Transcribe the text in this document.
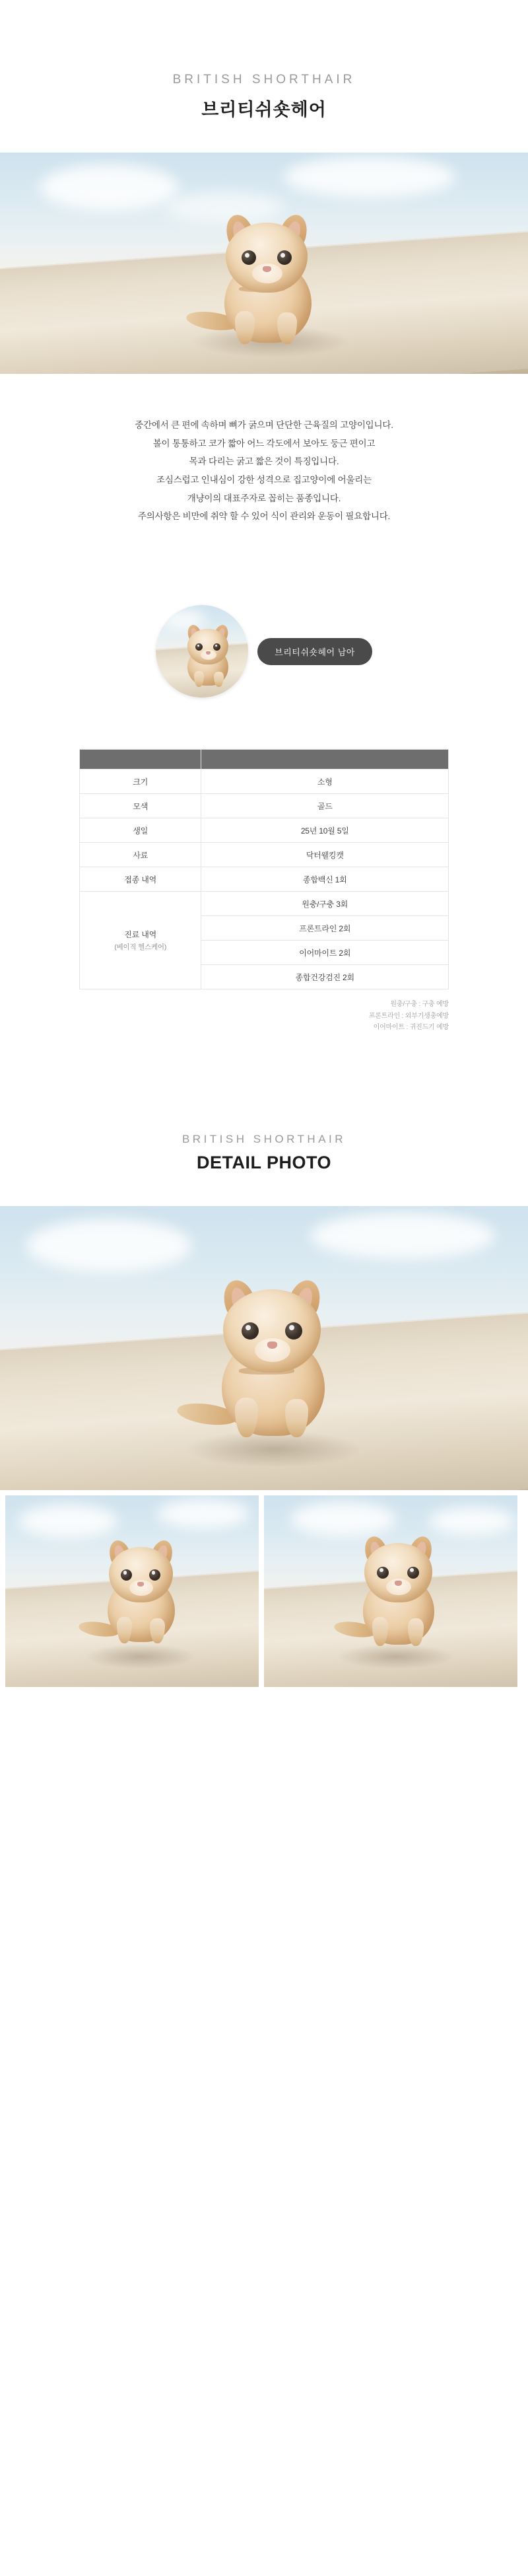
BRITISH SHORTHAIR
브리티쉬숏헤어

중간에서 큰 편에 속하며 뼈가 굵으며 단단한 근육질의 고양이입니다.

볼이 통통하고 코가 짧아 어느 각도에서 보아도 둥근 편이고

목과 다리는 굵고 짧은 것이 특징입니다.

조심스럽고 인내심이 강한 성격으로 집고양이에 어울리는

개냥이의 대표주자로 꼽히는 품종입니다.

주의사항은 비만에 취약 할 수 있어 식이 관리와 운동이 필요합니다.

브리티쉬숏헤어 남아

크기	소형
모색	골드
생일	25년 10월 5일
사료	닥터웰킹캣
접종 내역	종합백신 1회
진료 내역
(베이직 헬스케어)	원충/구충 3회
	프론트라인 2회
	이어마이트 2회
	종합건강검진 2회
원충/구충 : 구충 예방
프론트라인 : 외부기생충예방
이어마이트 : 귀진드기 예방
BRITISH SHORTHAIR
DETAIL PHOTO
